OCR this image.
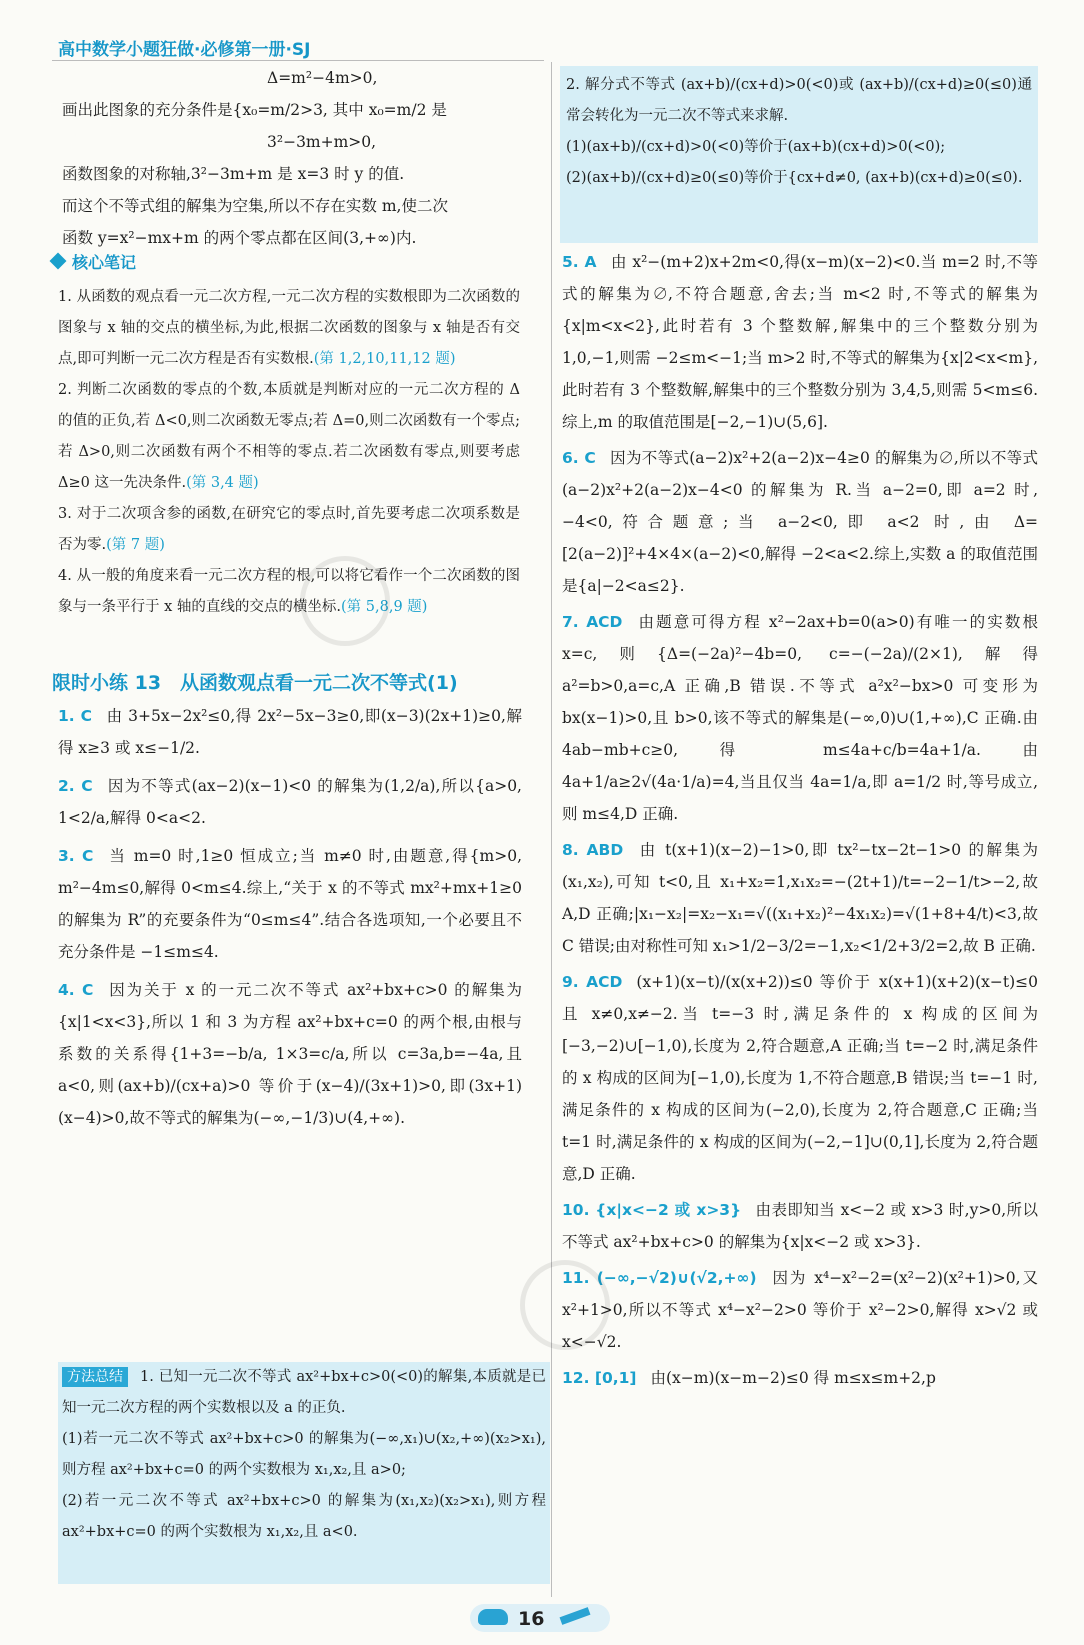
高中数学小题狂做·必修第一册·SJ

Δ=m²−4m>0,

画出此图象的充分条件是{x₀=m/2>3, 其中 x₀=m/2 是

3²−3m+m>0,

函数图象的对称轴,3²−3m+m 是 x=3 时 y 的值.

而这个不等式组的解集为空集,所以不存在实数 m,使二次

函数 y=x²−mx+m 的两个零点都在区间(3,+∞)内.

核心笔记

1. 从函数的观点看一元二次方程,一元二次方程的实数根即为二次函数的图象与 x 轴的交点的横坐标,为此,根据二次函数的图象与 x 轴是否有交点,即可判断一元二次方程是否有实数根.(第 1,2,10,11,12 题)

2. 判断二次函数的零点的个数,本质就是判断对应的一元二次方程的 Δ 的值的正负,若 Δ<0,则二次函数无零点;若 Δ=0,则二次函数有一个零点;若 Δ>0,则二次函数有两个不相等的零点.若二次函数有零点,则要考虑 Δ≥0 这一先决条件.(第 3,4 题)

3. 对于二次项含参的函数,在研究它的零点时,首先要考虑二次项系数是否为零.(第 7 题)

4. 从一般的角度来看一元二次方程的根,可以将它看作一个二次函数的图象与一条平行于 x 轴的直线的交点的横坐标.(第 5,8,9 题)

限时小练 13　从函数观点看一元二次不等式(1)

1. C 由 3+5x−2x²≤0,得 2x²−5x−3≥0,即(x−3)(2x+1)≥0,解得 x≥3 或 x≤−1/2.

2. C 因为不等式(ax−2)(x−1)<0 的解集为(1,2/a),所以{a>0, 1<2/a,解得 0<a<2.

3. C 当 m=0 时,1≥0 恒成立;当 m≠0 时,由题意,得{m>0, m²−4m≤0,解得 0<m≤4.综上,“关于 x 的不等式 mx²+mx+1≥0 的解集为 R”的充要条件为“0≤m≤4”.结合各选项知,一个必要且不充分条件是 −1≤m≤4.

4. C 因为关于 x 的一元二次不等式 ax²+bx+c>0 的解集为{x|1<x<3},所以 1 和 3 为方程 ax²+bx+c=0 的两个根,由根与系数的关系得{1+3=−b/a, 1×3=c/a,所以 c=3a,b=−4a,且 a<0,则(ax+b)/(cx+a)>0 等价于(x−4)/(3x+1)>0,即(3x+1)(x−4)>0,故不等式的解集为(−∞,−1/3)∪(4,+∞).

方法总结 1. 已知一元二次不等式 ax²+bx+c>0(<0)的解集,本质就是已知一元二次方程的两个实数根以及 a 的正负.

(1)若一元二次不等式 ax²+bx+c>0 的解集为(−∞,x₁)∪(x₂,+∞)(x₂>x₁),则方程 ax²+bx+c=0 的两个实数根为 x₁,x₂,且 a>0;

(2)若一元二次不等式 ax²+bx+c>0 的解集为(x₁,x₂)(x₂>x₁),则方程 ax²+bx+c=0 的两个实数根为 x₁,x₂,且 a<0.

2. 解分式不等式 (ax+b)/(cx+d)>0(<0)或 (ax+b)/(cx+d)≥0(≤0)通常会转化为一元二次不等式来求解.

(1)(ax+b)/(cx+d)>0(<0)等价于(ax+b)(cx+d)>0(<0);

(2)(ax+b)/(cx+d)≥0(≤0)等价于{cx+d≠0, (ax+b)(cx+d)≥0(≤0).

5. A 由 x²−(m+2)x+2m<0,得(x−m)(x−2)<0.当 m=2 时,不等式的解集为∅,不符合题意,舍去;当 m<2 时,不等式的解集为{x|m<x<2},此时若有 3 个整数解,解集中的三个整数分别为 1,0,−1,则需 −2≤m<−1;当 m>2 时,不等式的解集为{x|2<x<m},此时若有 3 个整数解,解集中的三个整数分别为 3,4,5,则需 5<m≤6.综上,m 的取值范围是[−2,−1)∪(5,6].

6. C 因为不等式(a−2)x²+2(a−2)x−4≥0 的解集为∅,所以不等式(a−2)x²+2(a−2)x−4<0 的解集为 R.当 a−2=0,即 a=2 时,−4<0,符合题意;当 a−2<0,即 a<2 时,由 Δ=[2(a−2)]²+4×4×(a−2)<0,解得 −2<a<2.综上,实数 a 的取值范围是{a|−2<a≤2}.

7. ACD 由题意可得方程 x²−2ax+b=0(a>0)有唯一的实数根 x=c,则{Δ=(−2a)²−4b=0, c=−(−2a)/(2×1),解得 a²=b>0,a=c,A 正确,B 错误.不等式 a²x²−bx>0 可变形为 bx(x−1)>0,且 b>0,该不等式的解集是(−∞,0)∪(1,+∞),C 正确.由 4ab−mb+c≥0,得 m≤4a+c/b=4a+1/a.由 4a+1/a≥2√(4a·1/a)=4,当且仅当 4a=1/a,即 a=1/2 时,等号成立,则 m≤4,D 正确.

8. ABD 由 t(x+1)(x−2)−1>0,即 tx²−tx−2t−1>0 的解集为(x₁,x₂),可知 t<0,且 x₁+x₂=1,x₁x₂=−(2t+1)/t=−2−1/t>−2,故 A,D 正确;|x₁−x₂|=x₂−x₁=√((x₁+x₂)²−4x₁x₂)=√(1+8+4/t)<3,故 C 错误;由对称性可知 x₁>1/2−3/2=−1,x₂<1/2+3/2=2,故 B 正确.

9. ACD (x+1)(x−t)/(x(x+2))≤0 等价于 x(x+1)(x+2)(x−t)≤0 且 x≠0,x≠−2.当 t=−3 时,满足条件的 x 构成的区间为[−3,−2)∪[−1,0),长度为 2,符合题意,A 正确;当 t=−2 时,满足条件的 x 构成的区间为[−1,0),长度为 1,不符合题意,B 错误;当 t=−1 时,满足条件的 x 构成的区间为(−2,0),长度为 2,符合题意,C 正确;当 t=1 时,满足条件的 x 构成的区间为(−2,−1]∪(0,1],长度为 2,符合题意,D 正确.

10. {x|x<−2 或 x>3} 由表即知当 x<−2 或 x>3 时,y>0,所以不等式 ax²+bx+c>0 的解集为{x|x<−2 或 x>3}.

11. (−∞,−√2)∪(√2,+∞) 因为 x⁴−x²−2=(x²−2)(x²+1)>0,又 x²+1>0,所以不等式 x⁴−x²−2>0 等价于 x²−2>0,解得 x>√2 或 x<−√2.

12. [0,1] 由(x−m)(x−m−2)≤0 得 m≤x≤m+2,p

16
